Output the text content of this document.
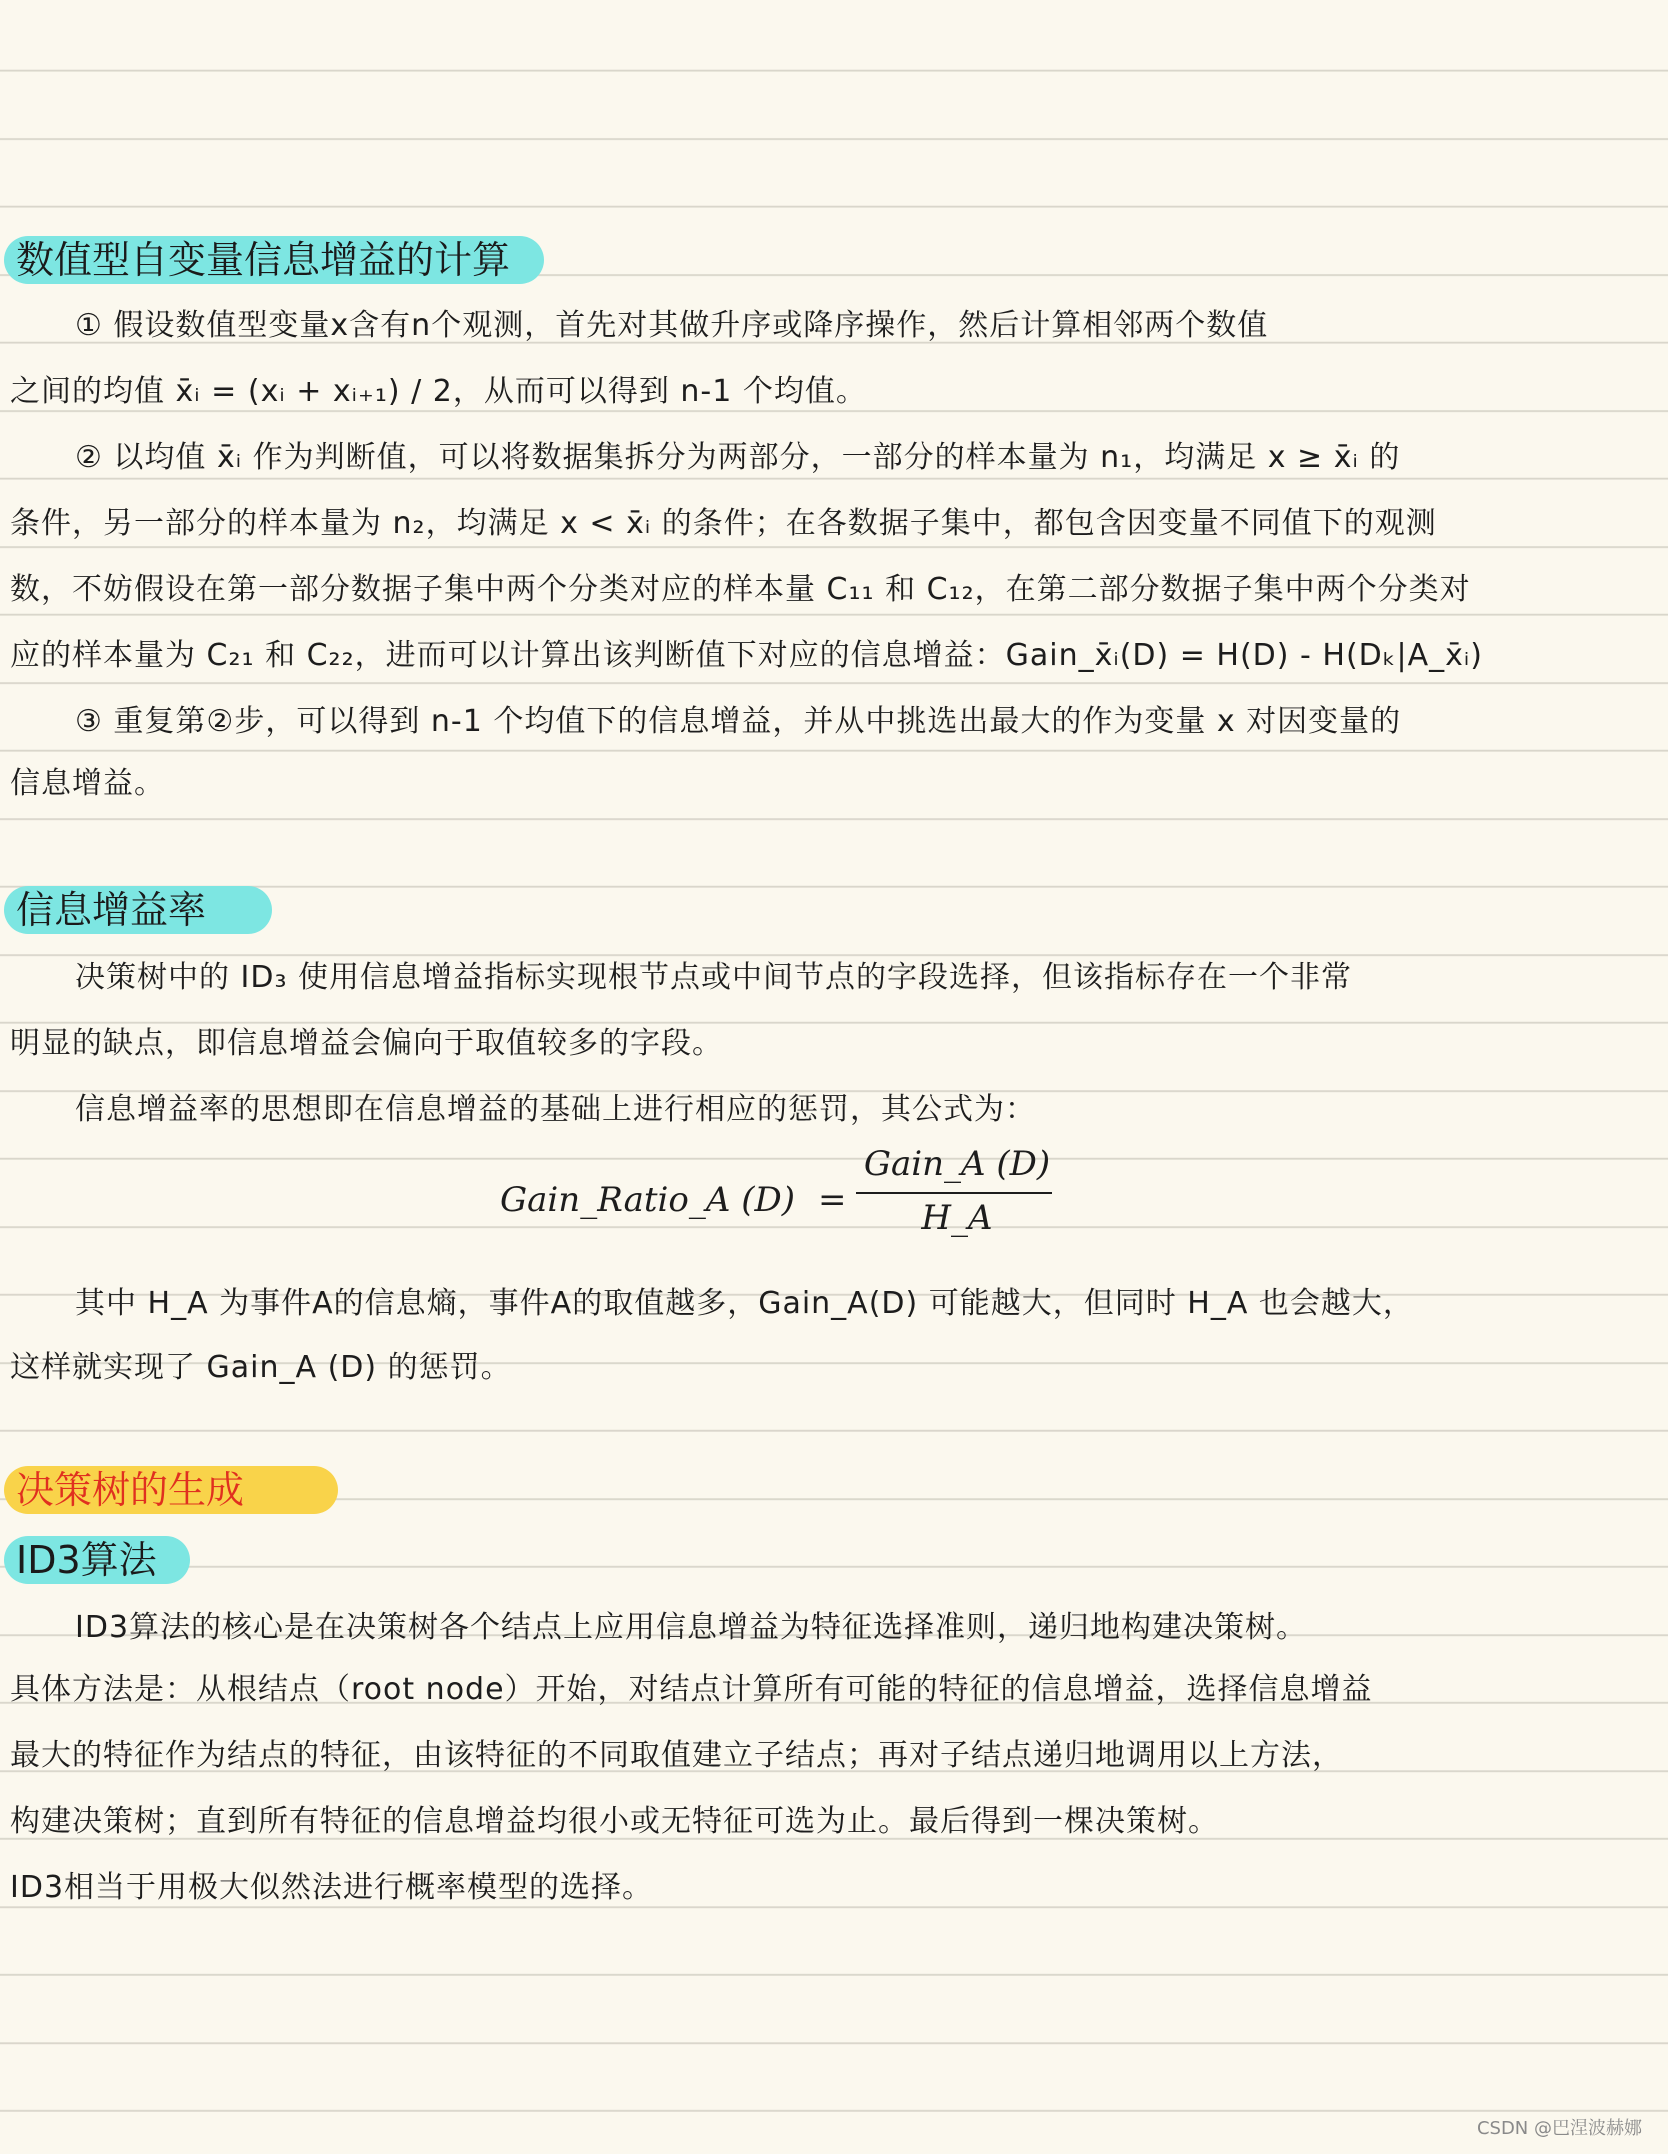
数值型自变量信息增益的计算
① 假设数值型变量x含有n个观测，首先对其做升序或降序操作，然后计算相邻两个数值
之间的均值 x̄ᵢ = (xᵢ + xᵢ₊₁) / 2，从而可以得到 n-1 个均值。
② 以均值 x̄ᵢ 作为判断值，可以将数据集拆分为两部分，一部分的样本量为 n₁，均满足 x ≥ x̄ᵢ 的
条件，另一部分的样本量为 n₂，均满足 x < x̄ᵢ 的条件；在各数据子集中，都包含因变量不同值下的观测
数，不妨假设在第一部分数据子集中两个分类对应的样本量 C₁₁ 和 C₁₂，在第二部分数据子集中两个分类对
应的样本量为 C₂₁ 和 C₂₂，进而可以计算出该判断值下对应的信息增益：Gain_x̄ᵢ(D) = H(D) - H(Dₖ|A_x̄ᵢ)
③ 重复第②步，可以得到 n-1 个均值下的信息增益，并从中挑选出最大的作为变量 x 对因变量的
信息增益。
信息增益率
决策树中的 ID₃ 使用信息增益指标实现根节点或中间节点的字段选择，但该指标存在一个非常
明显的缺点，即信息增益会偏向于取值较多的字段。
信息增益率的思想即在信息增益的基础上进行相应的惩罚，其公式为：
Gain_Ratio_A (D) =
Gain_A (D)
H_A
其中 H_A 为事件A的信息熵，事件A的取值越多，Gain_A(D) 可能越大，但同时 H_A 也会越大，
这样就实现了 Gain_A (D) 的惩罚。
决策树的生成
ID3算法
ID3算法的核心是在决策树各个结点上应用信息增益为特征选择准则，递归地构建决策树。
具体方法是：从根结点（root node）开始，对结点计算所有可能的特征的信息增益，选择信息增益
最大的特征作为结点的特征，由该特征的不同取值建立子结点；再对子结点递归地调用以上方法，
构建决策树；直到所有特征的信息增益均很小或无特征可选为止。最后得到一棵决策树。
ID3相当于用极大似然法进行概率模型的选择。
CSDN @巴涅波赫娜
